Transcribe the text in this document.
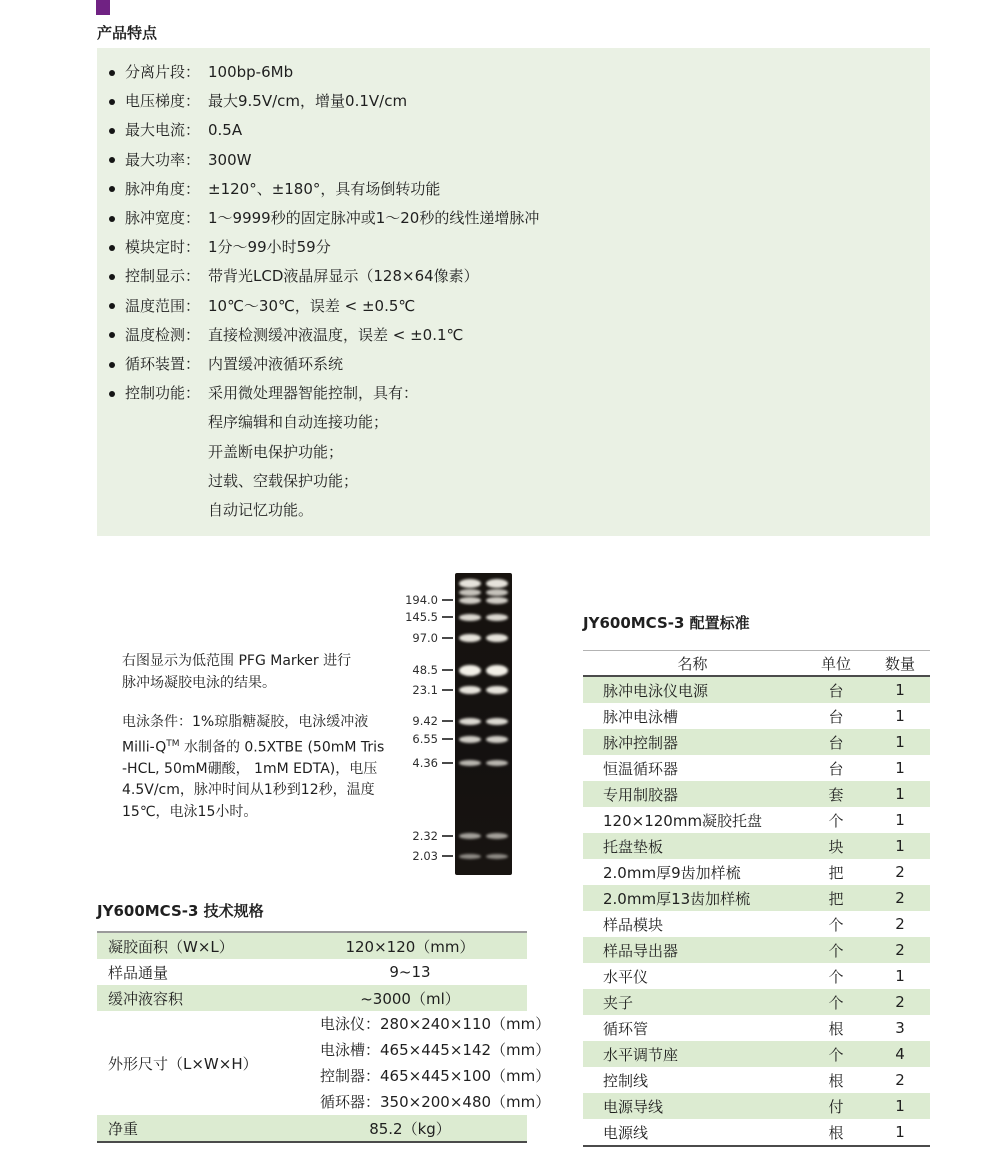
产品特点
分离片段： 100bp-6Mb
电压梯度： 最大9.5V/cm，增量0.1V/cm
最大电流： 0.5A
最大功率： 300W
脉冲角度： ±120°、±180°，具有场倒转功能
脉冲宽度： 1～9999秒的固定脉冲或1～20秒的线性递增脉冲
模块定时： 1分～99小时59分
控制显示： 带背光LCD液晶屏显示（128×64像素）
温度范围： 10℃～30℃，误差 < ±0.5℃
温度检测： 直接检测缓冲液温度，误差 < ±0.1℃
循环装置： 内置缓冲液循环系统
控制功能： 采用微处理器智能控制，具有：
程序编辑和自动连接功能；
开盖断电保护功能；
过载、空载保护功能；
自动记忆功能。
右图显示为低范围 PFG Marker 进行
脉冲场凝胶电泳的结果。
电泳条件：1%琼脂糖凝胶，电泳缓冲液
Milli-Q™ 水制备的 0.5XTBE (50mM Tris
-HCL, 50mM硼酸， 1mM EDTA)，电压
4.5V/cm，脉冲时间从1秒到12秒，温度
15℃，电泳15小时。
194.0
145.5
97.0
48.5
23.1
9.42
6.55
4.36
2.32
2.03
JY600MCS-3 配置标准
名称	单位	数量
脉冲电泳仪电源	台	1
脉冲电泳槽	台	1
脉冲控制器	台	1
恒温循环器	台	1
专用制胶器	套	1
120×120mm凝胶托盘	个	1
托盘垫板	块	1
2.0mm厚9齿加样梳	把	2
2.0mm厚13齿加样梳	把	2
样品模块	个	2
样品导出器	个	2
水平仪	个	1
夹子	个	2
循环管	根	3
水平调节座	个	4
控制线	根	2
电源导线	付	1
电源线	根	1
JY600MCS-3 技术规格
凝胶面积（W×L）	120×120（mm）
样品通量	9~13
缓冲液容积	~3000（ml）
外形尺寸（L×W×H）
电泳仪：280×240×110（mm）
电泳槽：465×445×142（mm）
控制器：465×445×100（mm）
循环器：350×200×480（mm）
净重	85.2（kg）
